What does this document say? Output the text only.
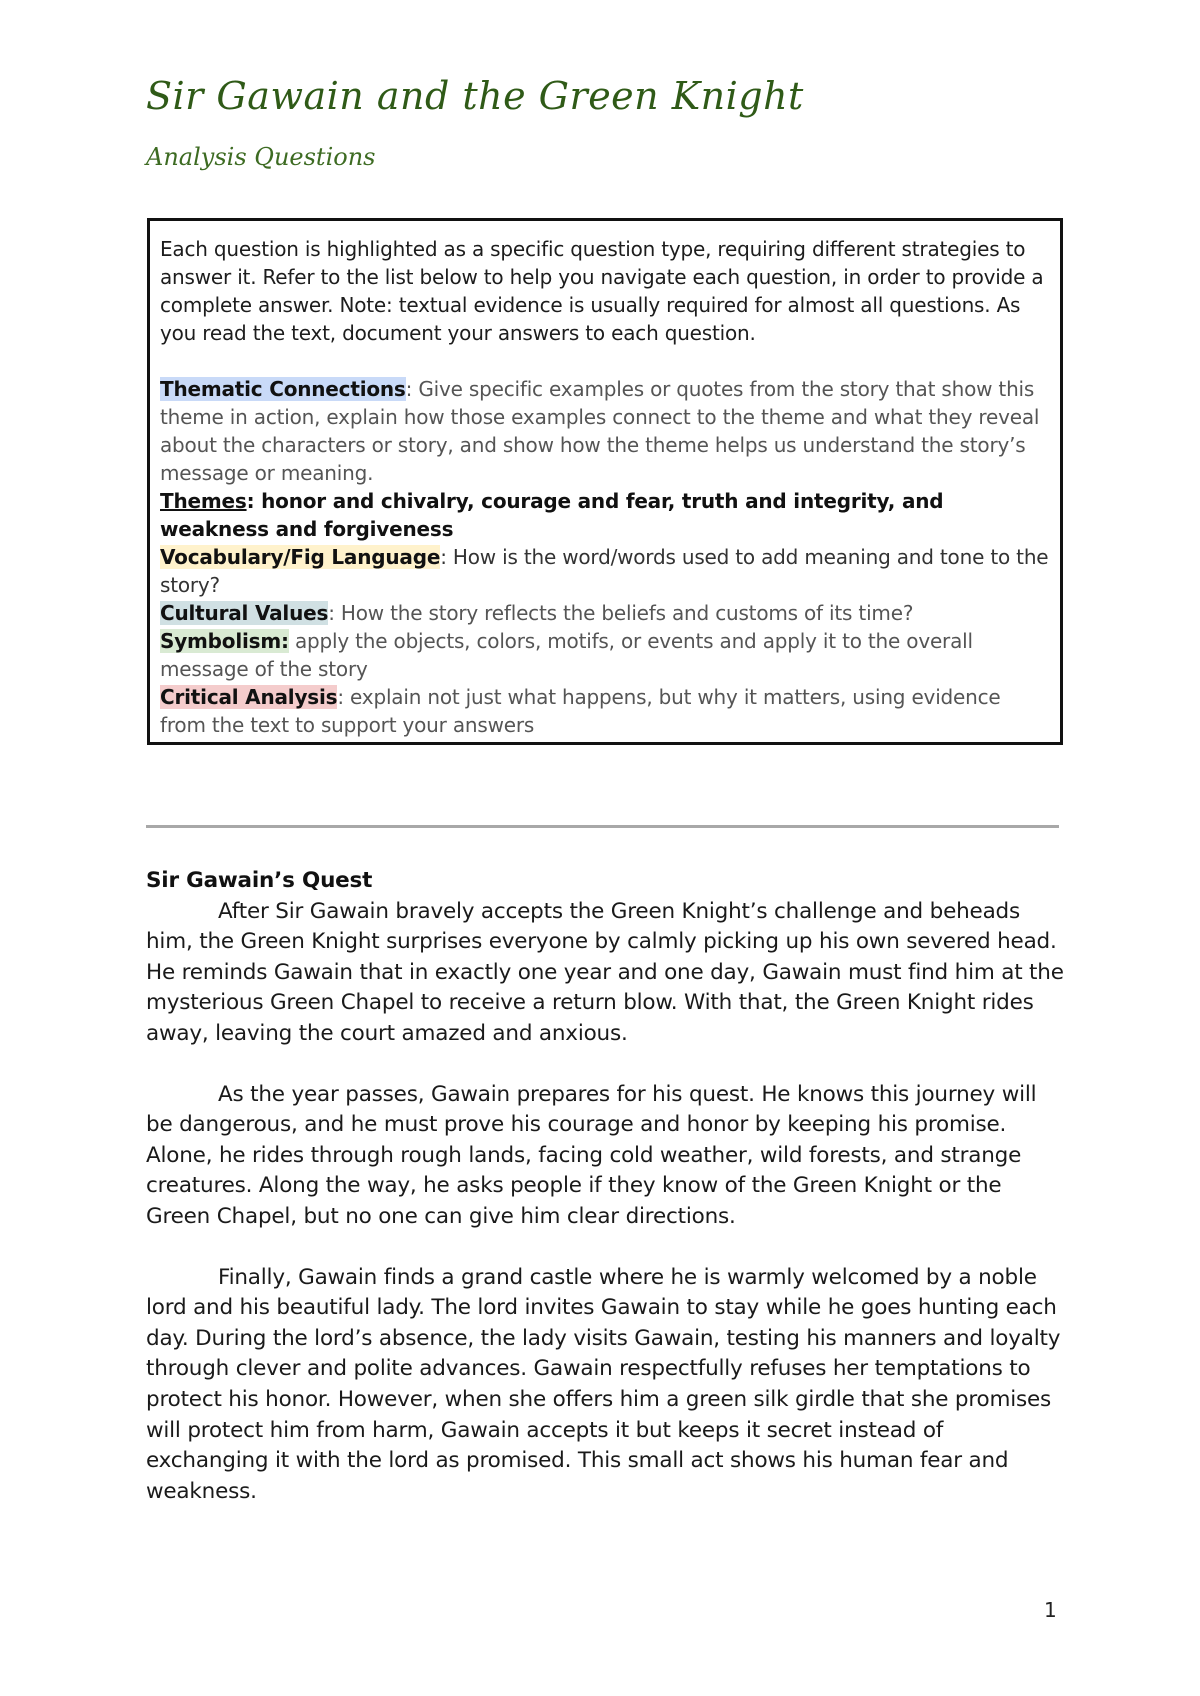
Sir Gawain and the Green Knight
Analysis Questions

Each question is highlighted as a specific question type, requiring different strategies to answer it. Refer to the list below to help you navigate each question, in order to provide a complete answer. Note: textual evidence is usually required for almost all questions. As you read the text, document your answers to each question.

Thematic Connections: Give specific examples or quotes from the story that show this theme in action, explain how those examples connect to the theme and what they reveal about the characters or story, and show how the theme helps us understand the story’s message or meaning.

Themes: honor and chivalry, courage and fear, truth and integrity, and weakness and forgiveness

Vocabulary/Fig Language: How is the word/words used to add meaning and tone to the story?

Cultural Values: How the story reflects the beliefs and customs of its time?

Symbolism: apply the objects, colors, motifs, or events and apply it to the overall message of the story

Critical Analysis: explain not just what happens, but why it matters, using evidence from the text to support your answers

Sir Gawain’s Quest

After Sir Gawain bravely accepts the Green Knight’s challenge and beheads him, the Green Knight surprises everyone by calmly picking up his own severed head. He reminds Gawain that in exactly one year and one day, Gawain must find him at the mysterious Green Chapel to receive a return blow. With that, the Green Knight rides away, leaving the court amazed and anxious.

As the year passes, Gawain prepares for his quest. He knows this journey will be dangerous, and he must prove his courage and honor by keeping his promise. Alone, he rides through rough lands, facing cold weather, wild forests, and strange creatures. Along the way, he asks people if they know of the Green Knight or the Green Chapel, but no one can give him clear directions.

Finally, Gawain finds a grand castle where he is warmly welcomed by a noble lord and his beautiful lady. The lord invites Gawain to stay while he goes hunting each day. During the lord’s absence, the lady visits Gawain, testing his manners and loyalty through clever and polite advances. Gawain respectfully refuses her temptations to protect his honor. However, when she offers him a green silk girdle that she promises will protect him from harm, Gawain accepts it but keeps it secret instead of exchanging it with the lord as promised. This small act shows his human fear and weakness.

1
